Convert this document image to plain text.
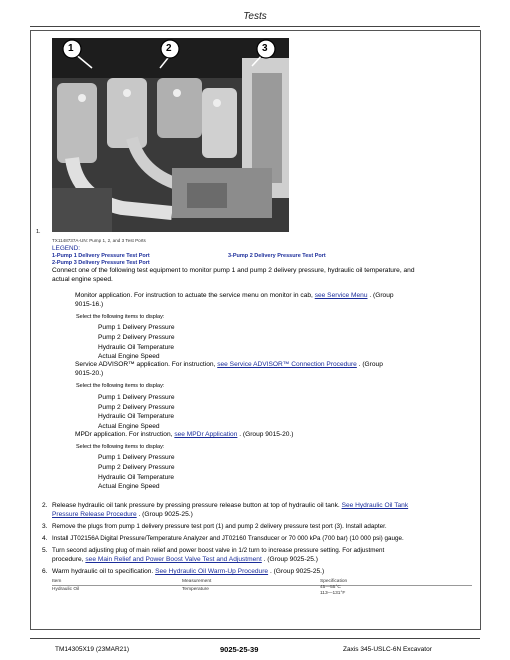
Tests
1	2	3
1.
TX1148737A-UN: Pump 1, 2, and 3 Test Ports
LEGEND:
1-Pump 1 Delivery Pressure Test Port
2-Pump 3 Delivery Pressure Test Port
3-Pump 2 Delivery Pressure Test Port
Connect one of the following test equipment to monitor pump 1 and pump 2 delivery pressure, hydraulic oil temperature, and
actual engine speed.
Monitor application. For instruction to actuate the service menu on monitor in cab, see Service Menu . (Group
9015-16.)
Select the following items to display:
Pump 1 Delivery Pressure
Pump 2 Delivery Pressure
Hydraulic Oil Temperature
Actual Engine Speed
Service ADVISOR™ application. For instruction, see Service ADVISOR™ Connection Procedure . (Group
9015-20.)
Select the following items to display:
Pump 1 Delivery Pressure
Pump 2 Delivery Pressure
Hydraulic Oil Temperature
Actual Engine Speed
MPDr application. For instruction, see MPDr Application . (Group 9015-20.)
Select the following items to display:
Pump 1 Delivery Pressure
Pump 2 Delivery Pressure
Hydraulic Oil Temperature
Actual Engine Speed
2. Release hydraulic oil tank pressure by pressing pressure release button at top of hydraulic oil tank. See Hydraulic Oil Tank
Pressure Release Procedure . (Group 9025-25.)
3. Remove the plugs from pump 1 delivery pressure test port (1) and pump 2 delivery pressure test port (3). Install adapter.
4. Install JT02156A Digital Pressure/Temperature Analyzer and JT02160 Transducer or 70 000 kPa (700 bar) (10 000 psi) gauge.
5. Turn second adjusting plug of main relief and power boost valve in 1/2 turn to increase pressure setting. For adjustment
procedure, see Main Relief and Power Boost Valve Test and Adjustment . (Group 9025-25.)
6. Warm hydraulic oil to specification. See Hydraulic Oil Warm-Up Procedure . (Group 9025-25.)
Item	Measurement	Specification
Hydraulic Oil	Temperature	45—55°C
113—131°F
TM14305X19 (23MAR21)	9025-25-39	Zaxis 345-USLC-6N Excavator
